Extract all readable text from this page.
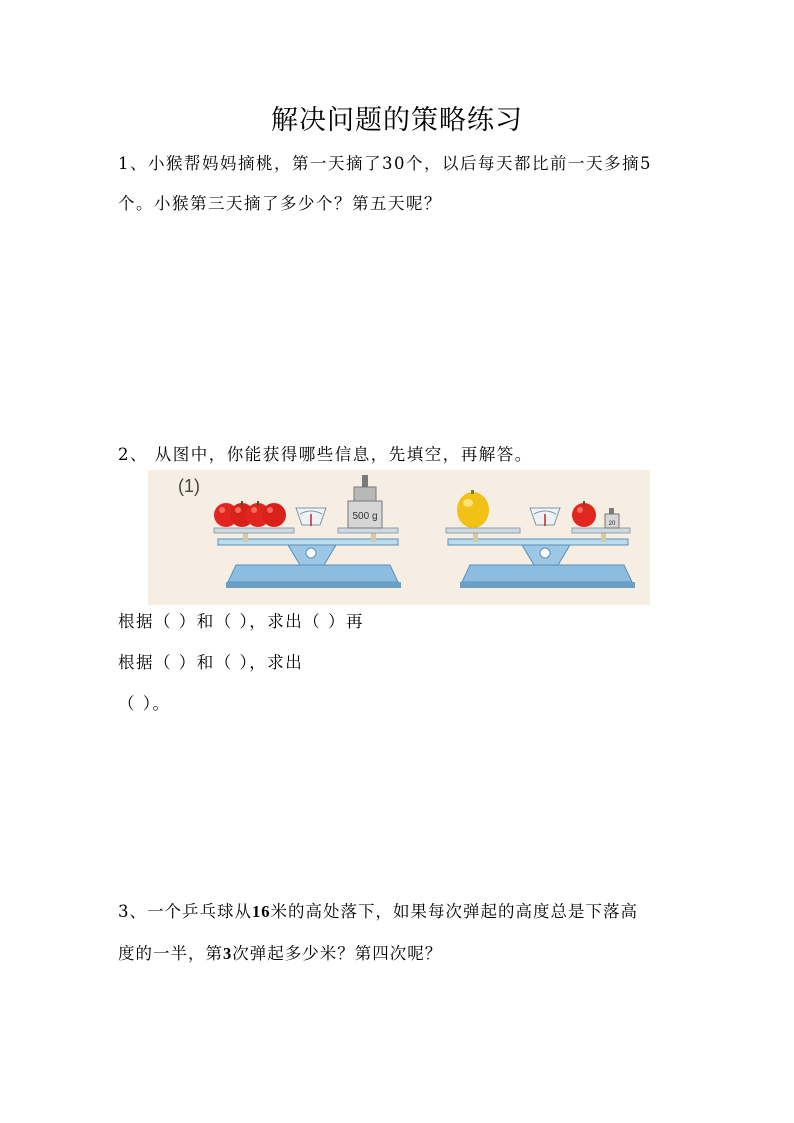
解决问题的策略练习
1、小猴帮妈妈摘桃，第一天摘了30个，以后每天都比前一天多摘5
个。小猴第三天摘了多少个？第五天呢？
2、 从图中，你能获得哪些信息，先填空，再解答。
(1)
500 g
20
根据（ ）和（ ），求出（ ）再
根据（ ）和（ ），求出
（ ）。
3、一个乒乓球从16米的高处落下，如果每次弹起的高度总是下落高
度的一半，第3次弹起多少米？第四次呢？
